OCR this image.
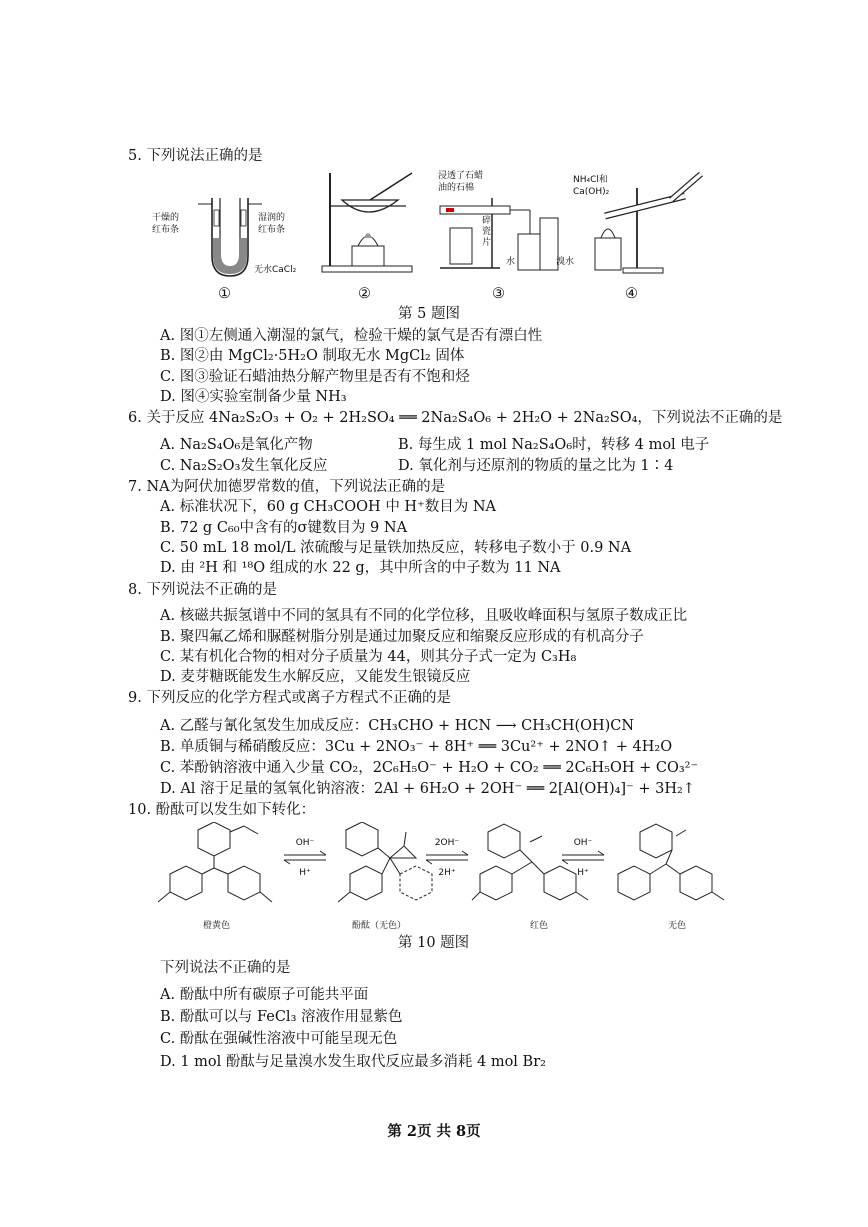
5. 下列说法正确的是
干燥的
红布条
湿润的
红布条
无水CaCl₂
浸透了石蜡
油的石棉
碎
瓷
片
水	溴水
NH₄Cl和
Ca(OH)₂
①	②	③	④
第 5 题图
A. 图①左侧通入潮湿的氯气，检验干燥的氯气是否有漂白性
B. 图②由 MgCl₂·5H₂O 制取无水 MgCl₂ 固体
C. 图③验证石蜡油热分解产物里是否有不饱和烃
D. 图④实验室制备少量 NH₃
6. 关于反应 4Na₂S₂O₃ + O₂ + 2H₂SO₄ ══ 2Na₂S₄O₆ + 2H₂O + 2Na₂SO₄，下列说法不正确的是
A. Na₂S₄O₆是氧化产物	B. 每生成 1 mol Na₂S₄O₆时，转移 4 mol 电子
C. Na₂S₂O₃发生氧化反应	D. 氧化剂与还原剂的物质的量之比为 1∶4
7. NA为阿伏加德罗常数的值，下列说法正确的是
A. 标准状况下，60 g CH₃COOH 中 H⁺数目为 NA
B. 72 g C₆₀中含有的σ键数目为 9 NA
C. 50 mL 18 mol/L 浓硫酸与足量铁加热反应，转移电子数小于 0.9 NA
D. 由 ²H 和 ¹⁸O 组成的水 22 g，其中所含的中子数为 11 NA
8. 下列说法不正确的是
A. 核磁共振氢谱中不同的氢具有不同的化学位移，且吸收峰面积与氢原子数成正比
B. 聚四氟乙烯和脲醛树脂分别是通过加聚反应和缩聚反应形成的有机高分子
C. 某有机化合物的相对分子质量为 44，则其分子式一定为 C₃H₈
D. 麦芽糖既能发生水解反应，又能发生银镜反应
9. 下列反应的化学方程式或离子方程式不正确的是
A. 乙醛与氰化氢发生加成反应：CH₃CHO + HCN ⟶ CH₃CH(OH)CN
B. 单质铜与稀硝酸反应：3Cu + 2NO₃⁻ + 8H⁺ ══ 3Cu²⁺ + 2NO↑ + 4H₂O
C. 苯酚钠溶液中通入少量 CO₂，2C₆H₅O⁻ + H₂O + CO₂ ══ 2C₆H₅OH + CO₃²⁻
D. Al 溶于足量的氢氧化钠溶液：2Al + 6H₂O + 2OH⁻ ══ 2[Al(OH)₄]⁻ + 3H₂↑
10. 酚酞可以发生如下转化：
OH⁻
H⁺
2OH⁻
2H⁺
OH⁻
H⁺
橙黄色	酚酞（无色）	红色	无色
第 10 题图
下列说法不正确的是
A. 酚酞中所有碳原子可能共平面
B. 酚酞可以与 FeCl₃ 溶液作用显紫色
C. 酚酞在强碱性溶液中可能呈现无色
D. 1 mol 酚酞与足量溴水发生取代反应最多消耗 4 mol Br₂
第 2页 共 8页
